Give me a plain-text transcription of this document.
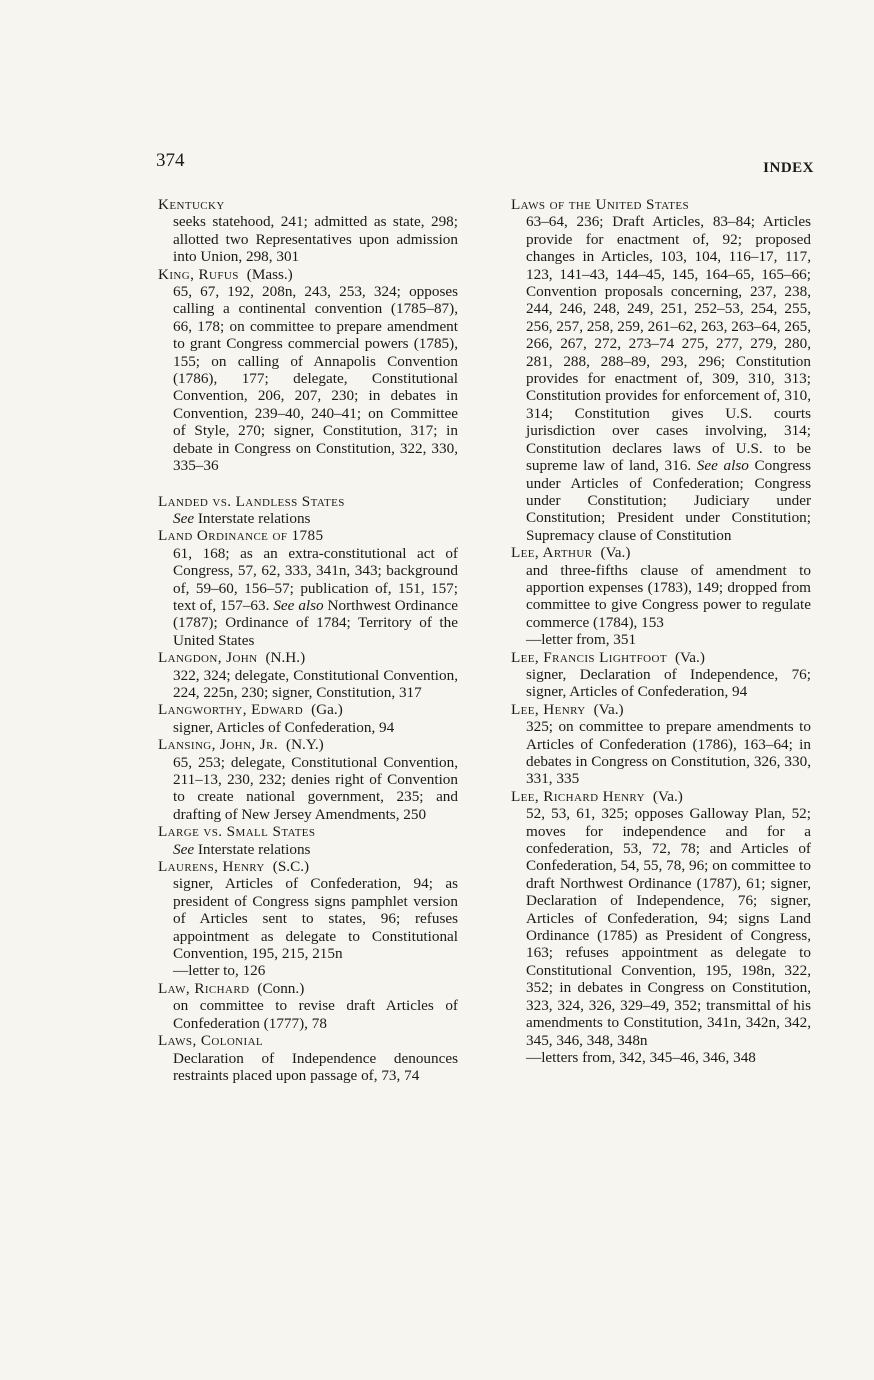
374	INDEX
Kentucky
seeks statehood, 241; admitted as state, 298; allotted two Representatives upon admission into Union, 298, 301
King, Rufus  (Mass.)
65, 67, 192, 208n, 243, 253, 324; opposes calling a continental convention (1785–87), 66, 178; on committee to prepare amendment to grant Congress commercial powers (1785), 155; on calling of Annapolis Convention (1786), 177; delegate, Constitutional Convention, 206, 207, 230; in debates in Convention, 239–40, 240–41; on Committee of Style, 270; signer, Constitution, 317; in debate in Congress on Constitution, 322, 330, 335–36
Landed vs. Landless States
See Interstate relations
Land Ordinance of 1785
61, 168; as an extra-constitutional act of Congress, 57, 62, 333, 341n, 343; background of, 59–60, 156–57; publication of, 151, 157; text of, 157–63. See also Northwest Ordinance (1787); Ordinance of 1784; Territory of the United States
Langdon, John  (N.H.)
322, 324; delegate, Constitutional Convention, 224, 225n, 230; signer, Constitution, 317
Langworthy, Edward  (Ga.)
signer, Articles of Confederation, 94
Lansing, John, Jr.  (N.Y.)
65, 253; delegate, Constitutional Convention, 211–13, 230, 232; denies right of Convention to create national government, 235; and drafting of New Jersey Amendments, 250
Large vs. Small States
See Interstate relations
Laurens, Henry  (S.C.)
signer, Articles of Confederation, 94; as president of Congress signs pamphlet version of Articles sent to states, 96; refuses appointment as delegate to Constitutional Convention, 195, 215, 215n
—letter to, 126
Law, Richard  (Conn.)
on committee to revise draft Articles of Confederation (1777), 78
Laws, Colonial
Declaration of Independence denounces restraints placed upon passage of, 73, 74
Laws of the United States
63–64, 236; Draft Articles, 83–84; Articles provide for enactment of, 92; proposed changes in Articles, 103, 104, 116–17, 117, 123, 141–43, 144–45, 145, 164–65, 165–66; Convention proposals concerning, 237, 238, 244, 246, 248, 249, 251, 252–53, 254, 255, 256, 257, 258, 259, 261–62, 263, 263–64, 265, 266, 267, 272, 273–74 275, 277, 279, 280, 281, 288, 288–89, 293, 296; Constitution provides for enactment of, 309, 310, 313; Constitution provides for enforcement of, 310, 314; Constitution gives U.S. courts jurisdiction over cases involving, 314; Constitution declares laws of U.S. to be supreme law of land, 316. See also Congress under Articles of Confederation; Congress under Constitution; Judiciary under Constitution; President under Constitution; Supremacy clause of Constitution
Lee, Arthur  (Va.)
and three-fifths clause of amendment to apportion expenses (1783), 149; dropped from committee to give Congress power to regulate commerce (1784), 153
—letter from, 351
Lee, Francis Lightfoot  (Va.)
signer, Declaration of Independence, 76; signer, Articles of Confederation, 94
Lee, Henry  (Va.)
325; on committee to prepare amendments to Articles of Confederation (1786), 163–64; in debates in Congress on Constitution, 326, 330, 331, 335
Lee, Richard Henry  (Va.)
52, 53, 61, 325; opposes Galloway Plan, 52; moves for independence and for a confederation, 53, 72, 78; and Articles of Confederation, 54, 55, 78, 96; on committee to draft Northwest Ordinance (1787), 61; signer, Declaration of Independence, 76; signer, Articles of Confederation, 94; signs Land Ordinance (1785) as President of Congress, 163; refuses appointment as delegate to Constitutional Convention, 195, 198n, 322, 352; in debates in Congress on Constitution, 323, 324, 326, 329–49, 352; transmittal of his amendments to Constitution, 341n, 342n, 342, 345, 346, 348, 348n
—letters from, 342, 345–46, 346, 348
